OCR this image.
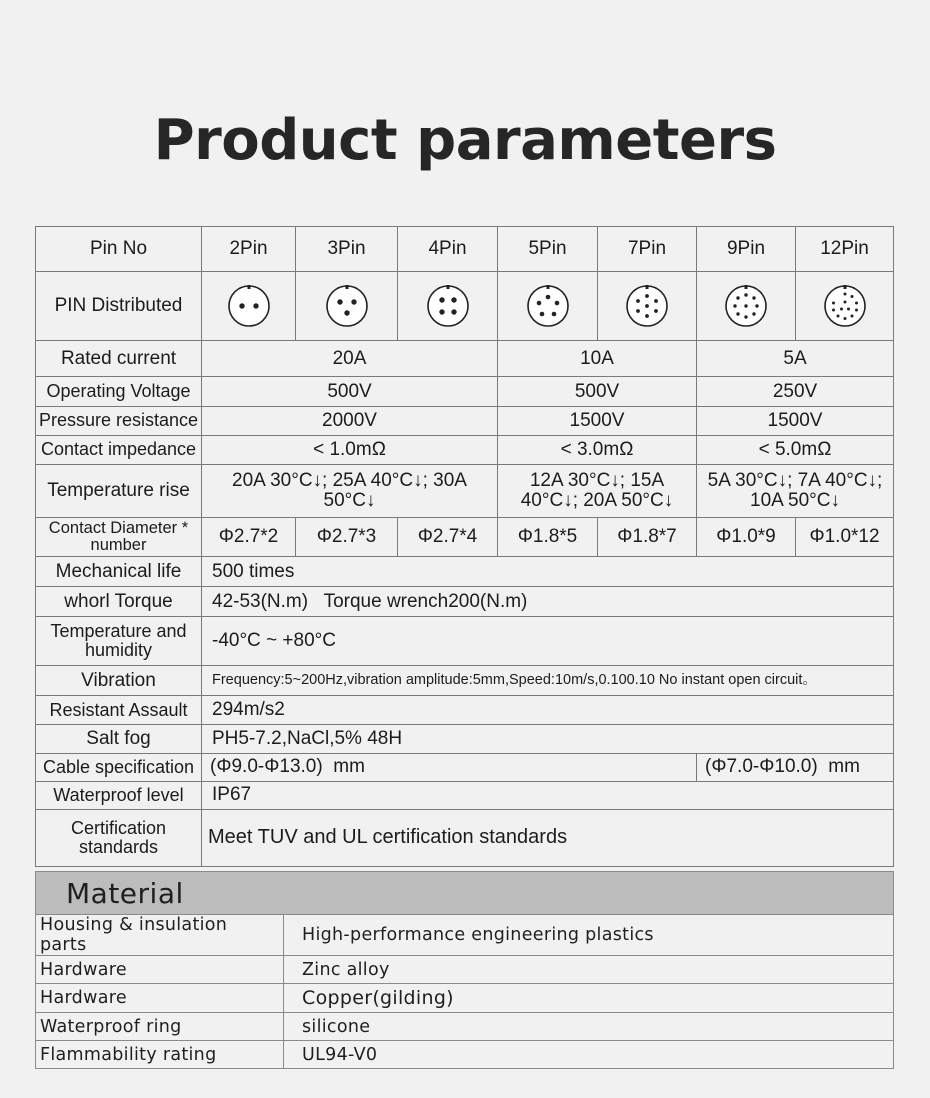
Product parameters
Pin No	2Pin	3Pin	4Pin	5Pin	7Pin	9Pin	12Pin
PIN Distributed	

Rated current	20A			10A		5A	
Operating Voltage	500V			500V		250V	
Pressure resistance	2000V			1500V		1500V	
Contact impedance	< 1.0mΩ			< 3.0mΩ		< 5.0mΩ	
Temperature rise	20A 30°C↓; 25A 40°C↓; 30A 50°C↓			12A 30°C↓; 15A 40°C↓; 20A 50°C↓		5A 30°C↓; 7A 40°C↓; 10A 50°C↓	
Contact Diameter * number	Φ2.7*2	Φ2.7*3	Φ2.7*4	Φ1.8*5	Φ1.8*7	Φ1.0*9	Φ1.0*12
Mechanical life	500 times						
whorl Torque	42-53(N.m)   Torque wrench200(N.m)						
Temperature and humidity	-40°C ~ +80°C						
Vibration	Frequency:5~200Hz,vibration amplitude:5mm,Speed:10m/s,0.100.10 No instant open circuit。						
Resistant Assault	294m/s2						
Salt fog	PH5-7.2,NaCl,5% 48H						
Cable specification	(Φ9.0-Φ13.0)  mm					(Φ7.0-Φ10.0)  mm	
Waterproof level	IP67						
Certification standards	Meet TUV and UL certification standards						
Material	
Housing & insulation parts	High-performance engineering plastics
Hardware	Zinc alloy
Hardware	Copper(gilding)
Waterproof ring	silicone
Flammability rating	UL94-V0
